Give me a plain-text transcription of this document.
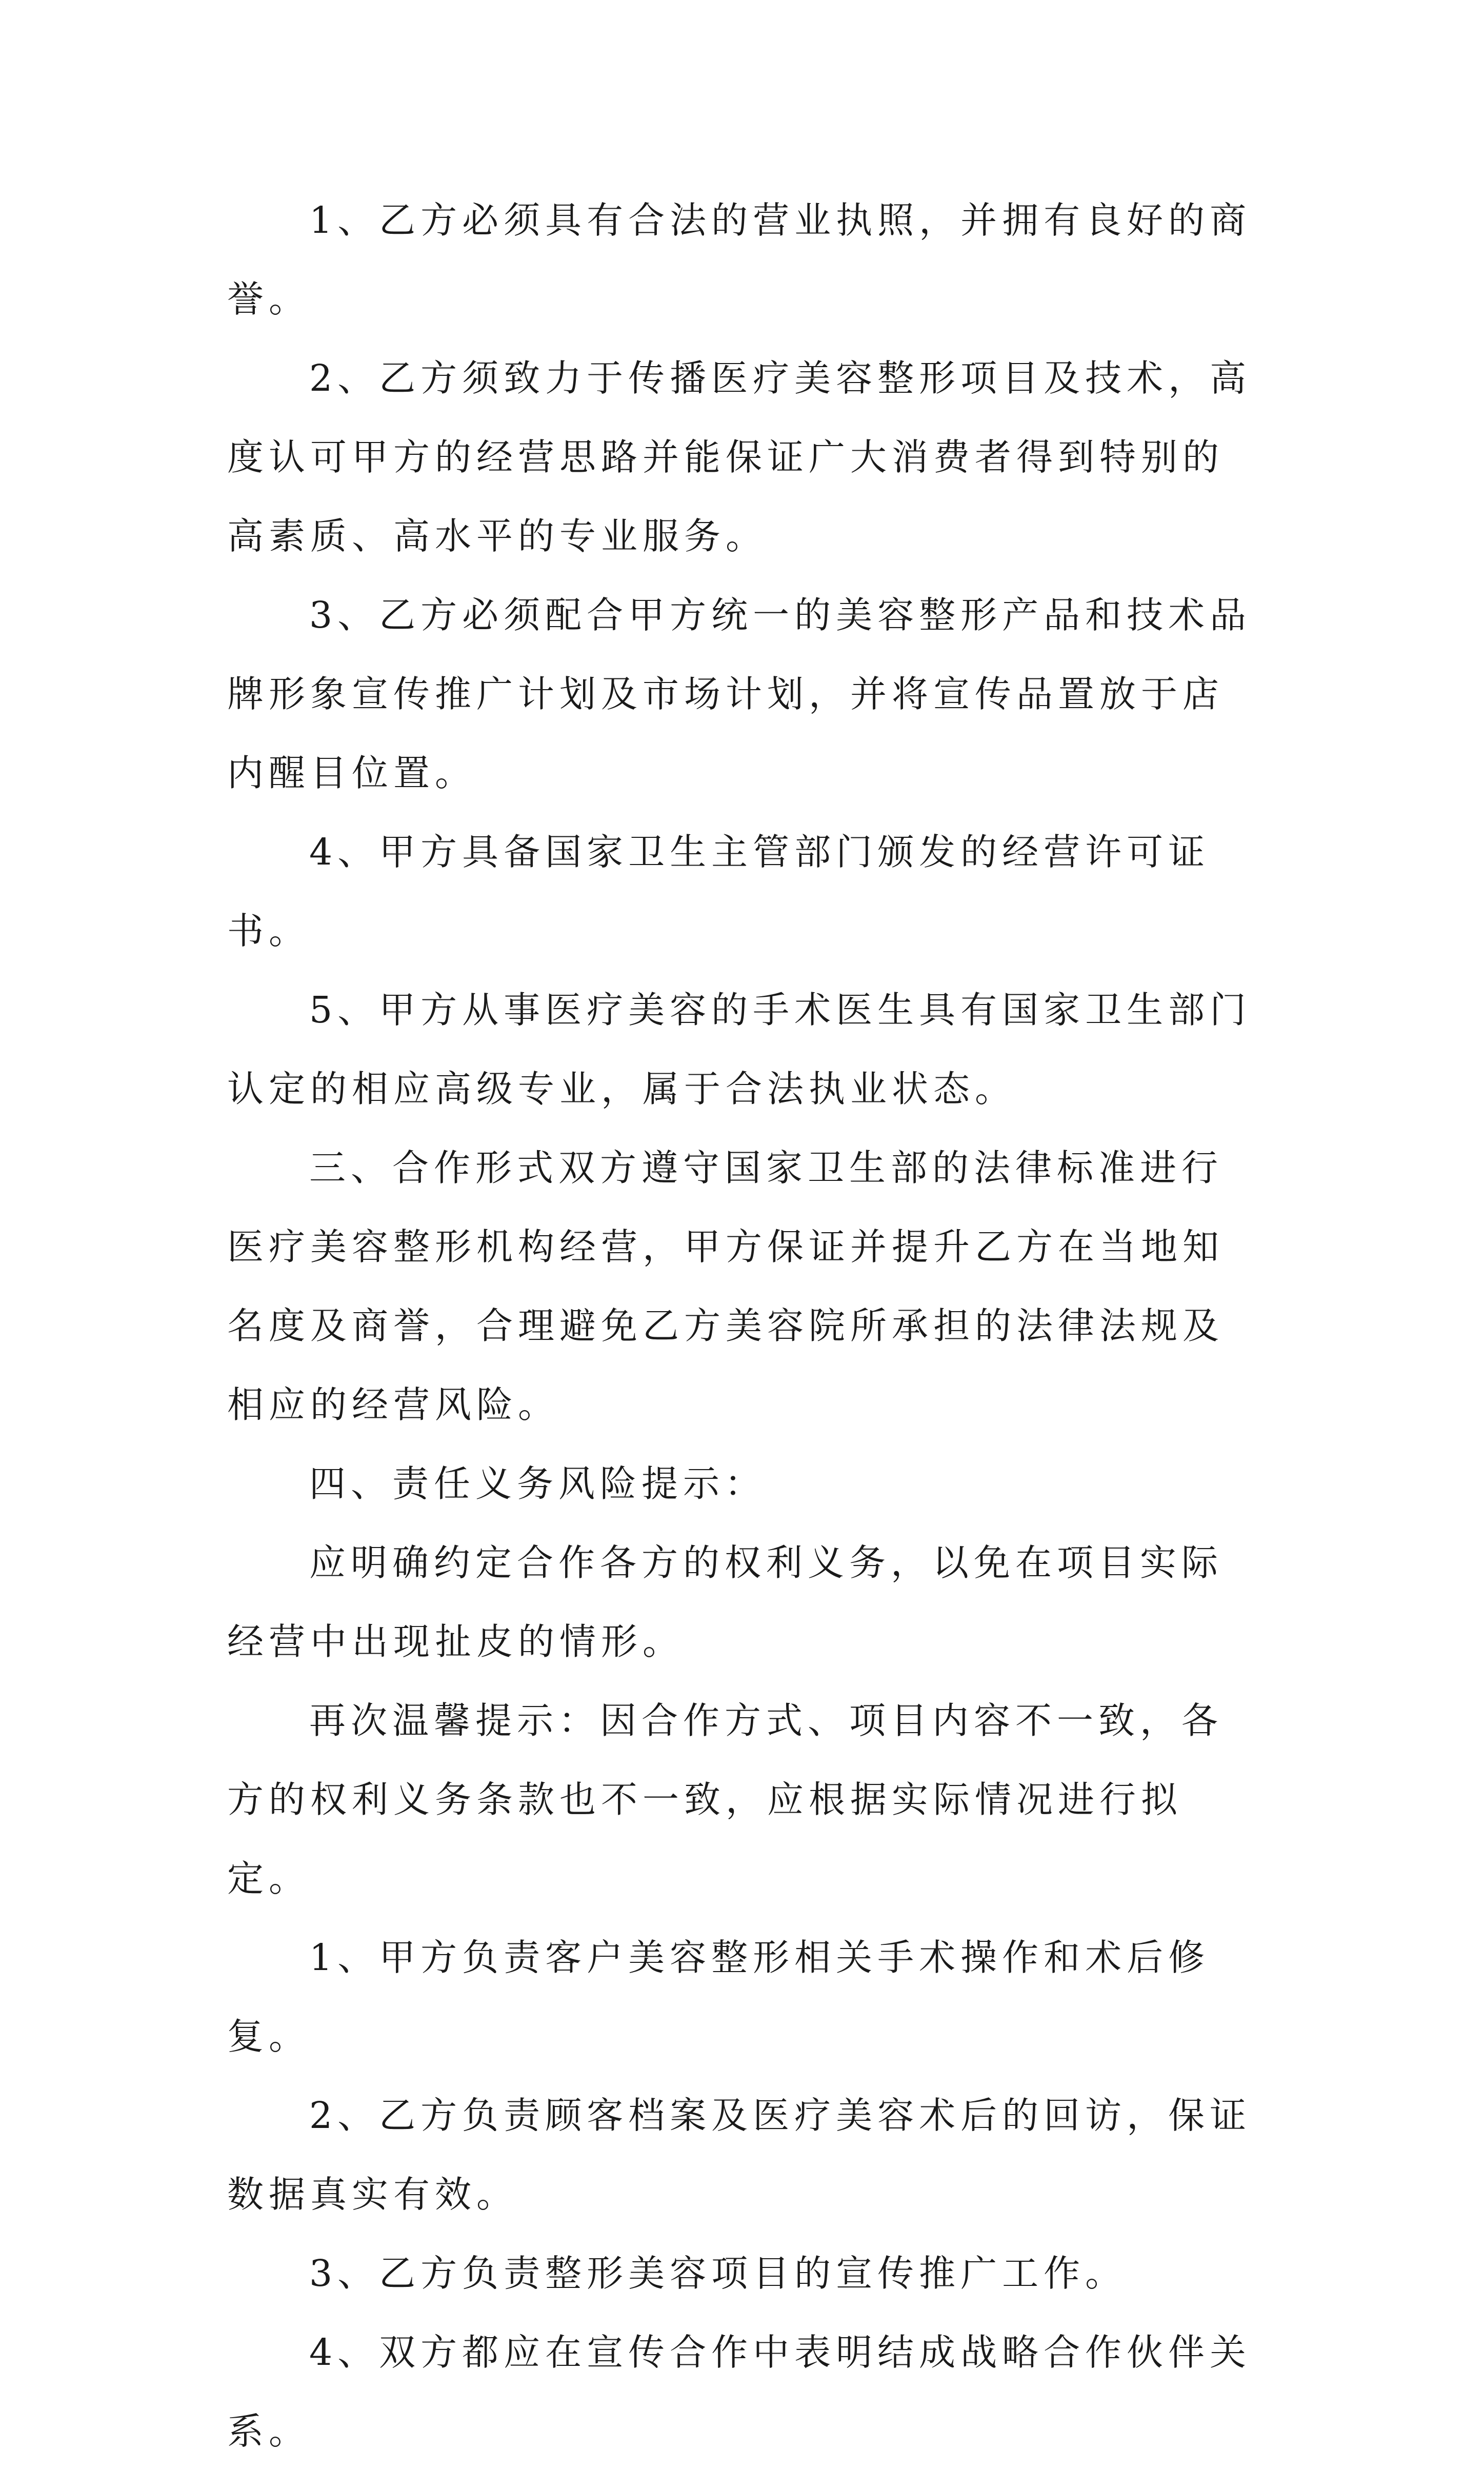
1、乙方必须具有合法的营业执照，并拥有良好的商誉。

2、乙方须致力于传播医疗美容整形项目及技术，高度认可甲方的经营思路并能保证广大消费者得到特别的高素质、高水平的专业服务。

3、乙方必须配合甲方统一的美容整形产品和技术品牌形象宣传推广计划及市场计划，并将宣传品置放于店内醒目位置。

4、甲方具备国家卫生主管部门颁发的经营许可证书。

5、甲方从事医疗美容的手术医生具有国家卫生部门认定的相应高级专业，属于合法执业状态。

三、合作形式双方遵守国家卫生部的法律标准进行医疗美容整形机构经营，甲方保证并提升乙方在当地知名度及商誉，合理避免乙方美容院所承担的法律法规及相应的经营风险。

四、责任义务风险提示：

应明确约定合作各方的权利义务，以免在项目实际经营中出现扯皮的情形。

再次温馨提示：因合作方式、项目内容不一致，各方的权利义务条款也不一致，应根据实际情况进行拟定。

1、甲方负责客户美容整形相关手术操作和术后修复。

2、乙方负责顾客档案及医疗美容术后的回访，保证数据真实有效。

3、乙方负责整形美容项目的宣传推广工作。

4、双方都应在宣传合作中表明结成战略合作伙伴关系。
